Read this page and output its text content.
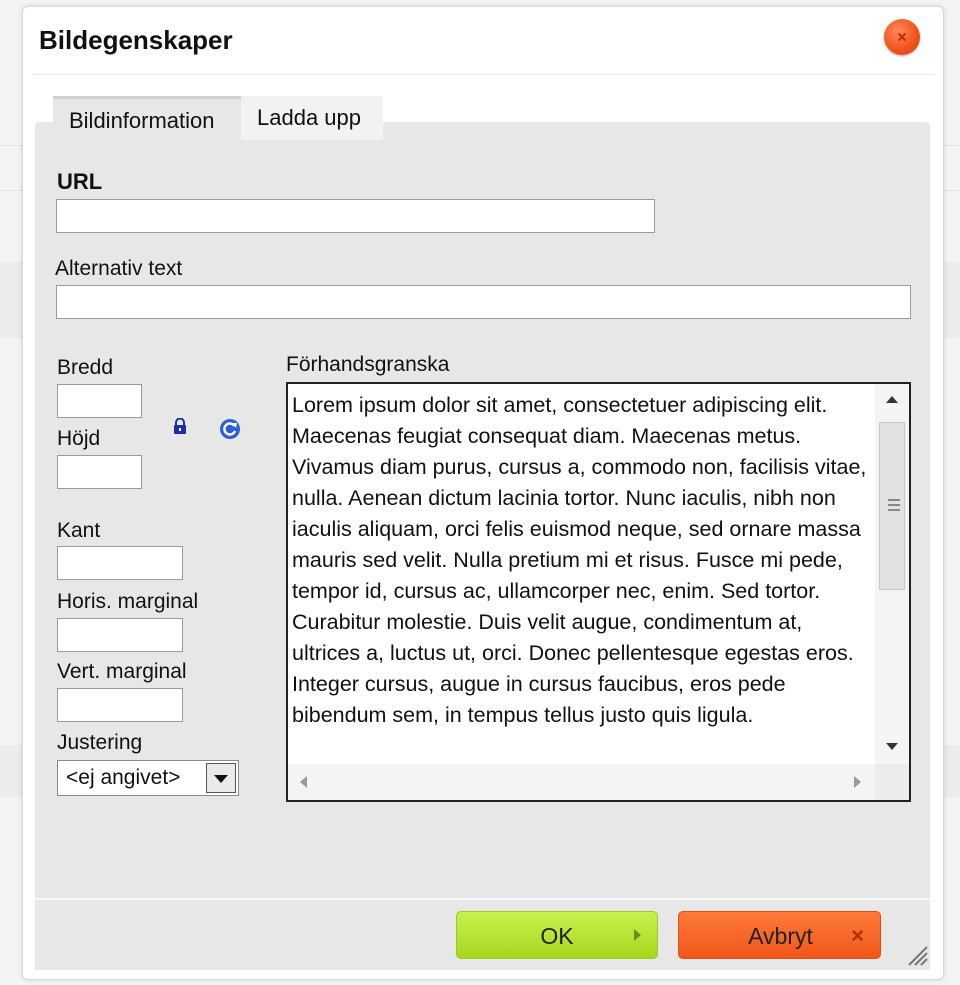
Bildegenskaper
Bildinformation	Ladda upp
URL
Alternativ text
Bredd
Höjd
Kant
Horis. marginal
Vert. marginal
Justering
<ej angivet>
Förhandsgranska
Lorem ipsum dolor sit amet, consectetuer adipiscing elit. Maecenas feugiat consequat diam. Maecenas metus. Vivamus diam purus, cursus a, commodo non, facilisis vitae, nulla. Aenean dictum lacinia tortor. Nunc iaculis, nibh non iaculis aliquam, orci felis euismod neque, sed ornare massa mauris sed velit. Nulla pretium mi et risus. Fusce mi pede, tempor id, cursus ac, ullamcorper nec, enim. Sed tortor. Curabitur molestie. Duis velit augue, condimentum at, ultrices a, luctus ut, orci. Donec pellentesque egestas eros. Integer cursus, augue in cursus faucibus, eros pede bibendum sem, in tempus tellus justo quis ligula.
OK	Avbryt	×
